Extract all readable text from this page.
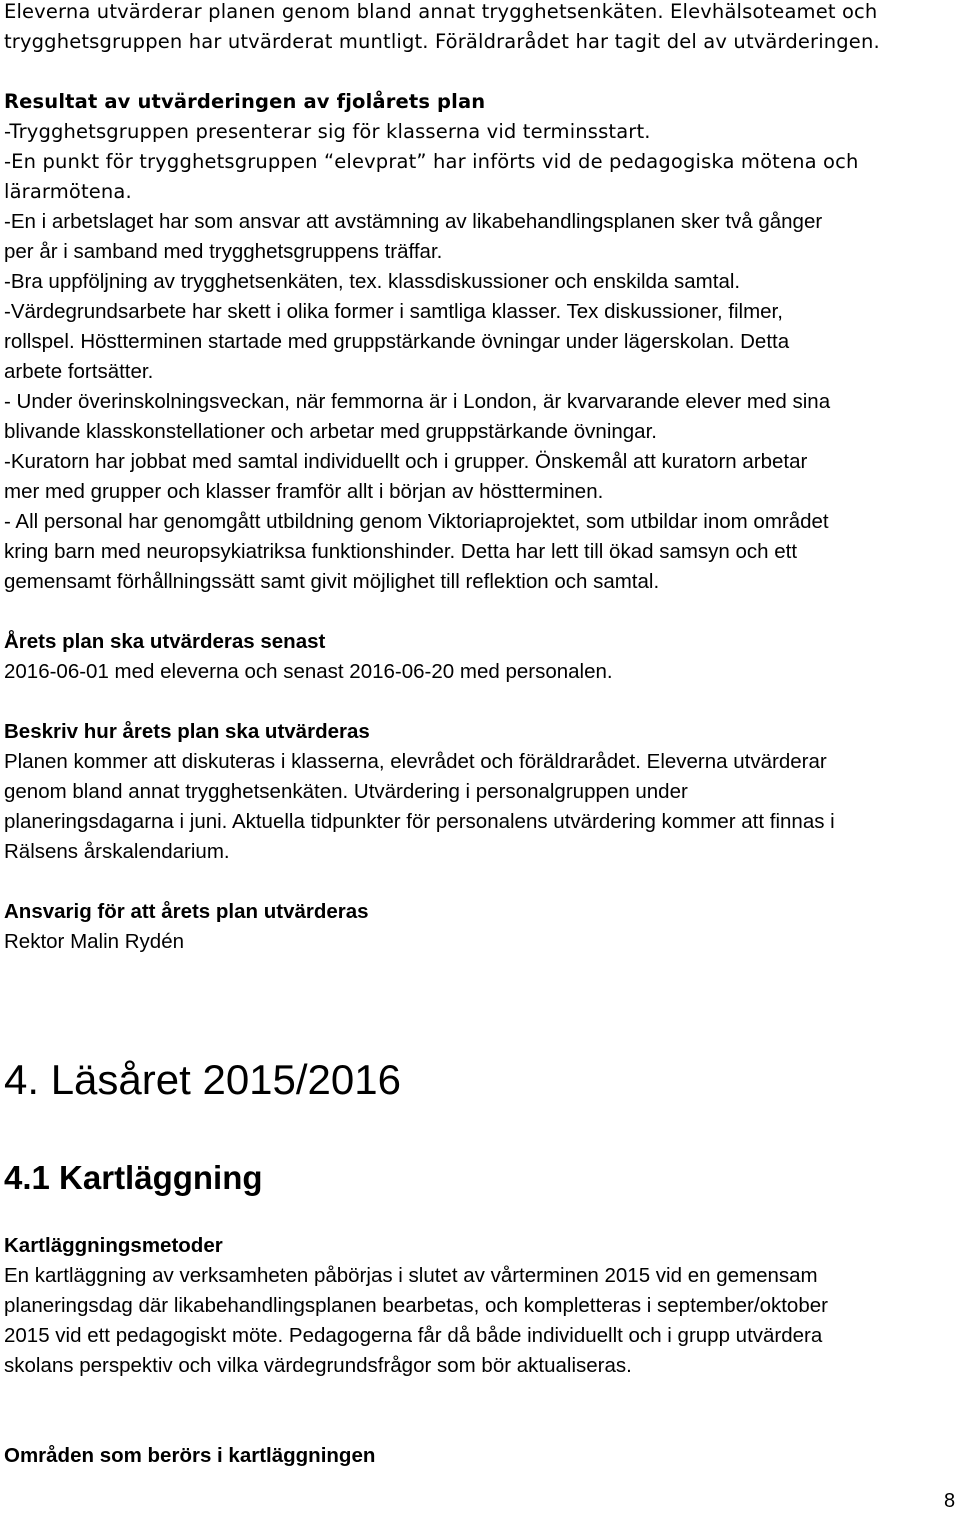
Eleverna utvärderar planen genom bland annat trygghetsenkäten. Elevhälsoteamet och
trygghetsgruppen har utvärderat muntligt. Föräldrarådet har tagit del av utvärderingen.
Resultat av utvärderingen av fjolårets plan
-Trygghetsgruppen presenterar sig för klasserna vid terminsstart.
-En punkt för trygghetsgruppen “elevprat” har införts vid de pedagogiska mötena och
lärarmötena.
-En i arbetslaget har som ansvar att avstämning av likabehandlingsplanen sker två gånger
per år i samband med trygghetsgruppens träffar.
-Bra uppföljning av trygghetsenkäten, tex. klassdiskussioner och enskilda samtal.
-Värdegrundsarbete har skett i olika former i samtliga klasser. Tex diskussioner, filmer,
rollspel. Höstterminen startade med gruppstärkande övningar under lägerskolan. Detta
arbete fortsätter.
- Under överinskolningsveckan, när femmorna är i London, är kvarvarande elever med sina
blivande klasskonstellationer och arbetar med gruppstärkande övningar.
-Kuratorn har jobbat med samtal individuellt och i grupper. Önskemål att kuratorn arbetar
mer med grupper och klasser framför allt i början av höstterminen.
- All personal har genomgått utbildning genom Viktoriaprojektet, som utbildar inom området
kring barn med neuropsykiatriksa funktionshinder. Detta har lett till ökad samsyn och ett
gemensamt förhållningssätt samt givit möjlighet till reflektion och samtal.
Årets plan ska utvärderas senast
2016-06-01 med eleverna och senast 2016-06-20 med personalen.
Beskriv hur årets plan ska utvärderas
Planen kommer att diskuteras i klasserna, elevrådet och föräldrarådet. Eleverna utvärderar
genom bland annat trygghetsenkäten. Utvärdering i personalgruppen under
planeringsdagarna i juni. Aktuella tidpunkter för personalens utvärdering kommer att finnas i
Rälsens årskalendarium.
Ansvarig för att årets plan utvärderas
Rektor Malin Rydén
4. Läsåret 2015/2016
4.1 Kartläggning
Kartläggningsmetoder
En kartläggning av verksamheten påbörjas i slutet av vårterminen 2015 vid en gemensam
planeringsdag där likabehandlingsplanen bearbetas, och kompletteras i september/oktober
2015 vid ett pedagogiskt möte. Pedagogerna får då både individuellt och i grupp utvärdera
skolans perspektiv och vilka värdegrundsfrågor som bör aktualiseras.
Områden som berörs i kartläggningen
8
